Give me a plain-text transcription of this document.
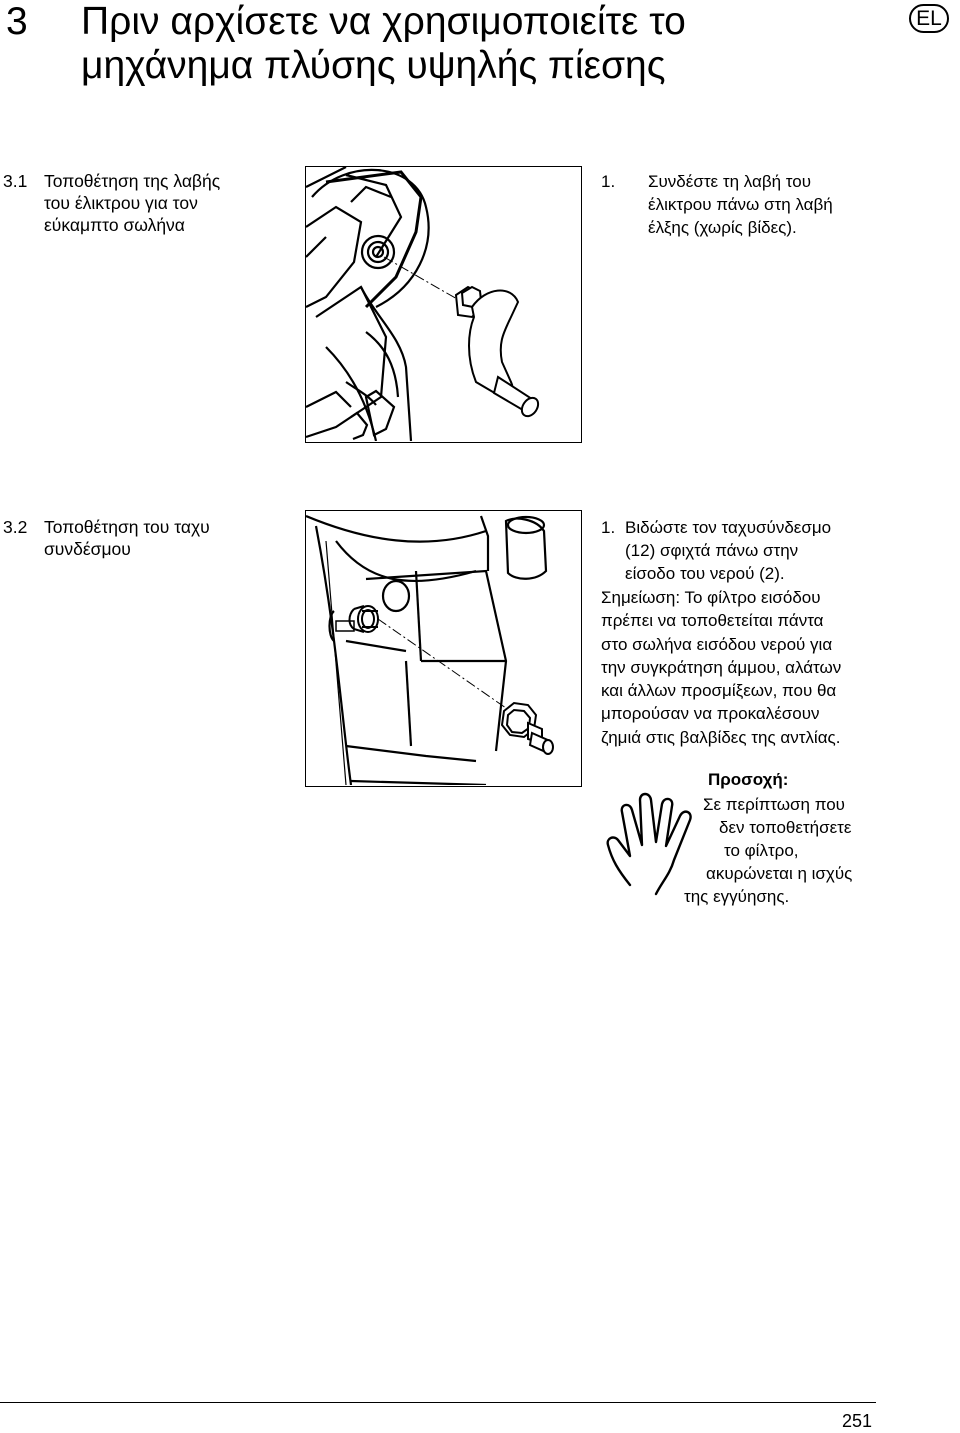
3 Πριν αρχίσετε να χρησιμοποιείτε το μηχάνημα πλύσης υψηλής πίεσης
EL
3.1 Τοποθέτηση της λαβής
του έλικτρου για τον
εύκαμπτο σωλήνα

1. Συνδέστε τη λαβή του
έλικτρου πάνω στη λαβή
έλξης (χωρίς βίδες).

3.2 Τοποθέτηση του ταχυ
συνδέσμου

1. Βιδώστε τον ταχυσύνδεσμο
(12) σφιχτά πάνω στην
είσοδο του νερού (2).

Σημείωση: Το φίλτρο εισόδου
πρέπει να τοποθετείται πάντα
στο σωλήνα εισόδου νερού για
την συγκράτηση άμμου, αλάτων
και άλλων προσμίξεων, που θα
μπορούσαν να προκαλέσουν
ζημιά στις βαλβίδες της αντλίας.
Προσοχή:
Σε περίπτωση που
δεν τοποθετήσετε
το φίλτρο,
ακυρώνεται η ισχύς
της εγγύησης.
251
